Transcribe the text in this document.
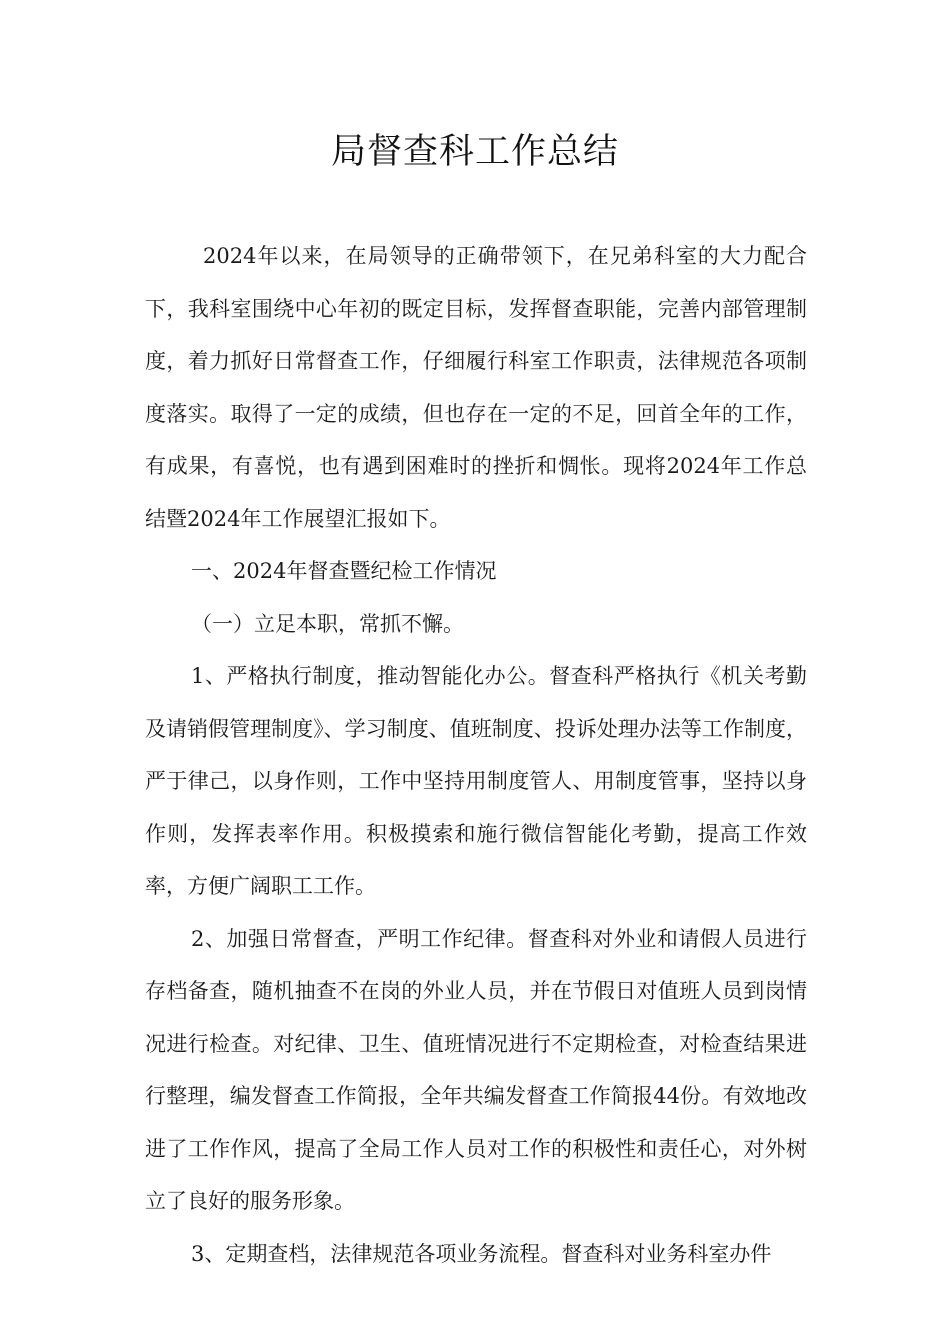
局督查科工作总结

2024年以来，在局领导的正确带领下，在兄弟科室的大力配合下，我科室围绕中心年初的既定目标，发挥督查职能，完善内部管理制度，着力抓好日常督查工作，仔细履行科室工作职责，法律规范各项制度落实。取得了一定的成绩，但也存在一定的不足，回首全年的工作，有成果，有喜悦，也有遇到困难时的挫折和惆怅。现将2024年工作总结暨2024年工作展望汇报如下。

一、2024年督查暨纪检工作情况

（一）立足本职，常抓不懈。

1、严格执行制度，推动智能化办公。督查科严格执行《机关考勤及请销假管理制度》、学习制度、值班制度、投诉处理办法等工作制度，严于律己，以身作则，工作中坚持用制度管人、用制度管事，坚持以身作则，发挥表率作用。积极摸索和施行微信智能化考勤，提高工作效率，方便广阔职工工作。

2、加强日常督查，严明工作纪律。督查科对外业和请假人员进行存档备查，随机抽查不在岗的外业人员，并在节假日对值班人员到岗情况进行检查。对纪律、卫生、值班情况进行不定期检查，对检查结果进行整理，编发督查工作简报，全年共编发督查工作简报44份。有效地改进了工作作风，提高了全局工作人员对工作的积极性和责任心，对外树立了良好的服务形象。

3、定期查档，法律规范各项业务流程。督查科对业务科室办件
